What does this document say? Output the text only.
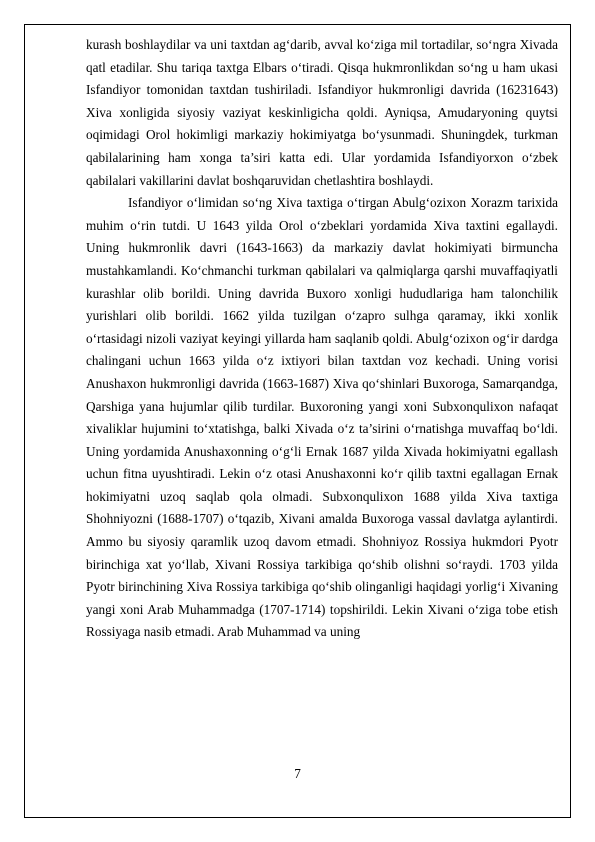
kurash boshlaydilar va uni taxtdan ag‘darib, avval ko‘ziga mil tortadilar, so‘ngra Xivada qatl etadilar. Shu tariqa taxtga Elbars o‘tiradi. Qisqa hukmronlikdan so‘ng u ham ukasi Isfandiyor tomonidan taxtdan tushiriladi. Isfandiyor hukmronligi davrida (16231643) Xiva xonligida siyosiy vaziyat keskinligicha qoldi. Ayniqsa, Amudaryoning quytsi oqimidagi Orol hokimligi markaziy hokimiyatga bo‘ysunmadi. Shuningdek, turkman qabilalarining ham xonga ta’siri katta edi. Ular yordamida Isfandiyorxon o‘zbek qabilalari vakillarini davlat boshqaruvidan chetlashtira boshlaydi.

Isfandiyor o‘limidan so‘ng Xiva taxtiga o‘tirgan Abulg‘ozixon Xorazm tarixida muhim o‘rin tutdi. U 1643 yilda Orol o‘zbeklari yordamida Xiva taxtini egallaydi. Uning hukmronlik davri (1643-1663) da markaziy davlat hokimiyati birmuncha mustahkamlandi. Ko‘chmanchi turkman qabilalari va qalmiqlarga qarshi muvaffaqiyatli kurashlar olib borildi. Uning davrida Buxoro xonligi hududlariga ham talonchilik yurishlari olib borildi. 1662 yilda tuzilgan o‘zapro sulhga qaramay, ikki xonlik o‘rtasidagi nizoli vaziyat keyingi yillarda ham saqlanib qoldi. Abulg‘ozixon og‘ir dardga chalingani uchun 1663 yilda o‘z ixtiyori bilan taxtdan voz kechadi. Uning vorisi Anushaxon hukmronligi davrida (1663-1687) Xiva qo‘shinlari Buxoroga, Samarqandga, Qarshiga yana hujumlar qilib turdilar. Buxoroning yangi xoni Subxonqulixon nafaqat xivaliklar hujumini to‘xtatishga, balki Xivada o‘z ta’sirini o‘rnatishga muvaffaq bo‘ldi. Uning yordamida Anushaxonning o‘g‘li Ernak 1687 yilda Xivada hokimiyatni egallash uchun fitna uyushtiradi. Lekin o‘z otasi Anushaxonni ko‘r qilib taxtni egallagan Ernak hokimiyatni uzoq saqlab qola olmadi. Subxonqulixon 1688 yilda Xiva taxtiga Shohniyozni (1688-1707) o‘tqazib, Xivani amalda Buxoroga vassal davlatga aylantirdi. Ammo bu siyosiy qaramlik uzoq davom etmadi. Shohniyoz Rossiya hukmdori Pyotr birinchiga xat yo‘llab, Xivani Rossiya tarkibiga qo‘shib olishni so‘raydi. 1703 yilda Pyotr birinchining Xiva Rossiya tarkibiga qo‘shib olinganligi haqidagi yorlig‘i Xivaning yangi xoni Arab Muhammadga (1707-1714) topshirildi. Lekin Xivani o‘ziga tobe etish Rossiyaga nasib etmadi. Arab Muhammad va uning

7
